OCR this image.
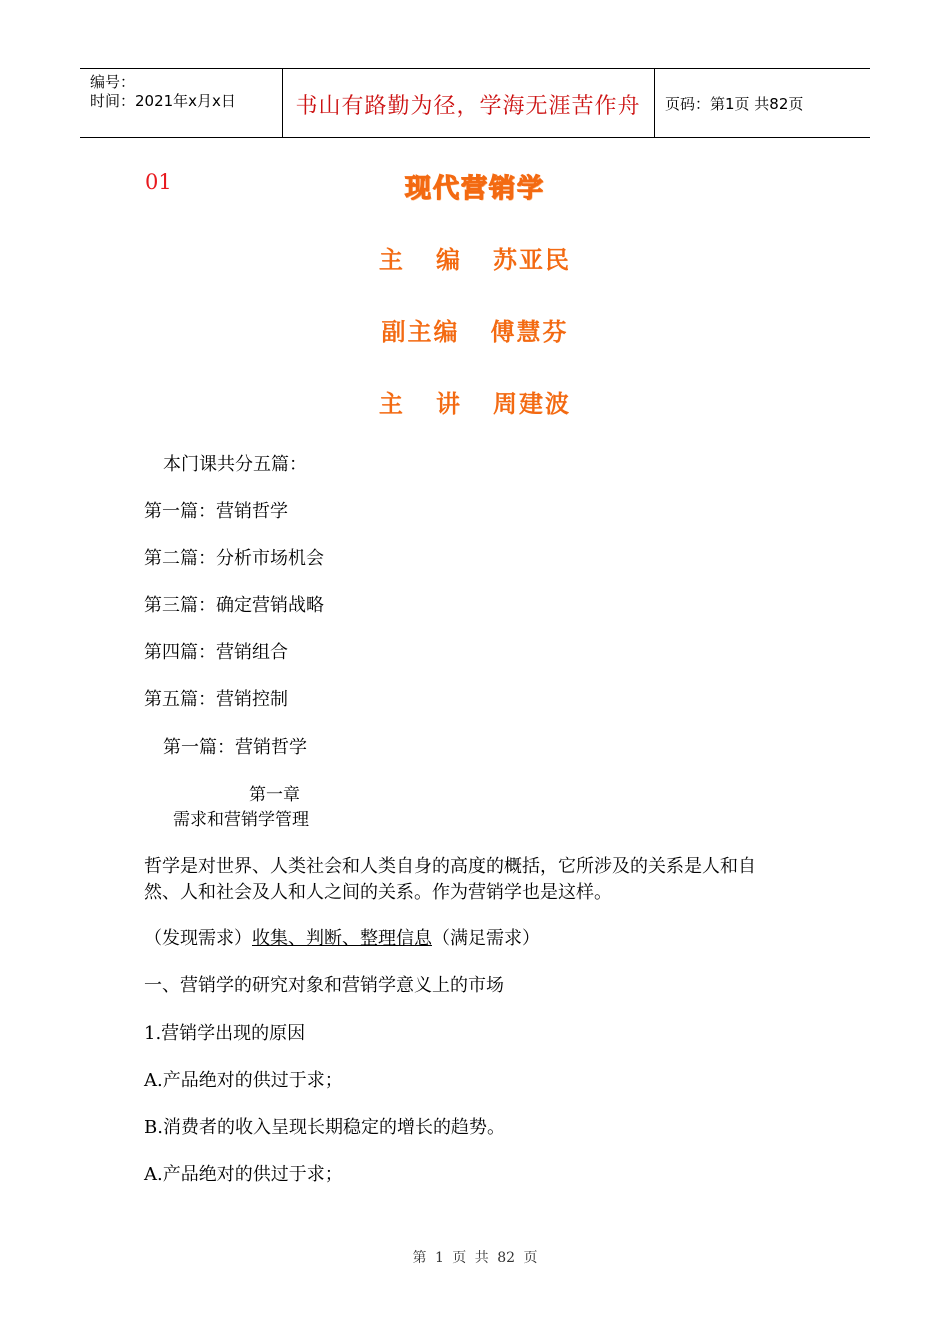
编号：
时间：2021年x月x日	书山有路勤为径，学海无涯苦作舟	页码：第1页 共82页
01	现代营销学
主   编   苏亚民
副主编   傅慧芬
主   讲   周建波
本门课共分五篇：
第一篇：营销哲学
第二篇：分析市场机会
第三篇：确定营销战略
第四篇：营销组合
第五篇：营销控制
第一篇：营销哲学
第一章
需求和营销学管理
哲学是对世界、人类社会和人类自身的高度的概括，它所涉及的关系是人和自
然、人和社会及人和人之间的关系。作为营销学也是这样。
（发现需求）收集、判断、整理信息（满足需求）
一、营销学的研究对象和营销学意义上的市场
1.营销学出现的原因
A.产品绝对的供过于求；
B.消费者的收入呈现长期稳定的增长的趋势。
A.产品绝对的供过于求；
第 1 页 共 82 页
